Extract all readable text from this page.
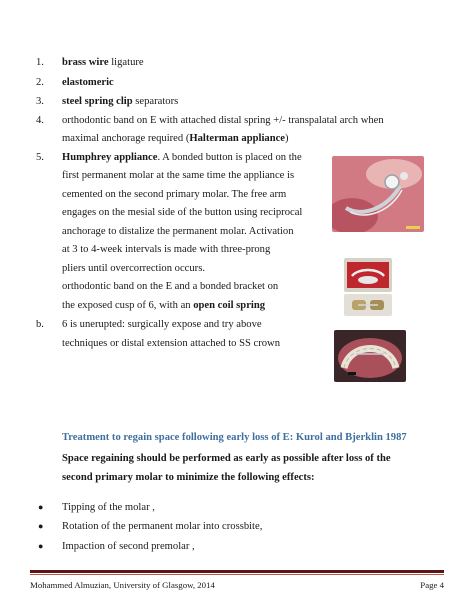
1. brass wire ligature
2. elastomeric
3. steel spring clip separators
4. orthodontic band on E with attached distal spring +/- transpalatal arch when
maximal anchorage required (Halterman appliance)
5. Humphrey appliance. A bonded button is placed on the
first permanent molar at the same time the appliance is
cemented on the second primary molar. The free arm
engages on the mesial side of the button using reciprocal
anchorage to distalize the permanent molar. Activation
at 3 to 4-week intervals is made with three-prong
pliers until overcorrection occurs.
orthodontic band on the E and a bonded bracket on
the exposed cusp of 6, with an open coil spring
b. 6 is unerupted: surgically expose and try above
techniques or distal extension attached to SS crown
Treatment to regain space following early loss of E: Kurol and Bjerklin 1987
Space regaining should be performed as early as possible after loss of the
second primary molar to minimize the following effects:
● Tipping of the molar ,
● Rotation of the permanent molar into crossbite,
● Impaction of second premolar ,
Mohammed Almuzian, University of Glasgow, 2014	Page 4
